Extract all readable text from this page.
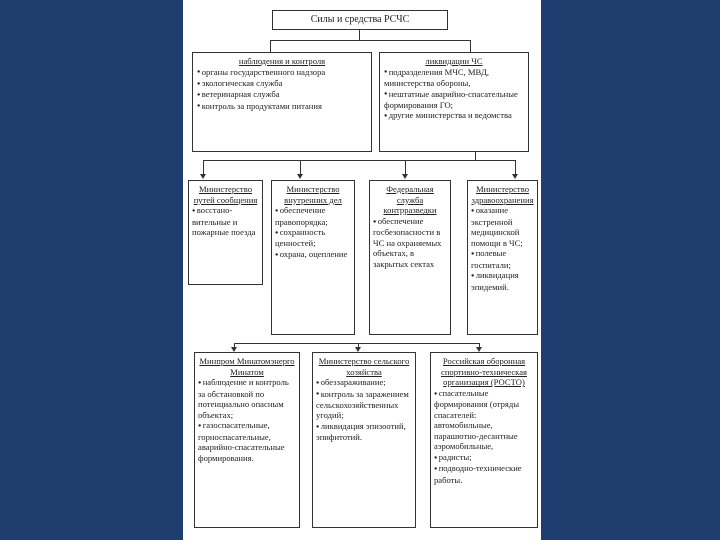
Силы и средства РСЧС
наблюдения и контроля
● органы государственного надзора
● экологическая служба
● ветеринарная служба
● контроль за продуктами питания
ликвидации ЧС
● подразделения МЧС, МВД, министерства обороны,
● нештатные аварийно-спасательные формирования ГО;
● другие министерства и ведомства
Министерство путей сообщения
● восстано-вительные и пожарные поезда
Министерство внутренних дел
● обеспечение правопорядка;
● сохранность ценностей;
● охрана, оцепление
Федеральная служба контрразведки
● обеспечение госбезопасности в ЧС на охраняемых объектах, в закрытых сектах
Министерство здравоохранения
● оказание экстренной медицинской помощи в ЧС;
● полевые госпитали;
● ликвидация эпидемий.
Минпром Минатомэнерго Минатом
● наблюдение и контроль за обстановкой по потенциально опасным объектах;
● газоспасательные, горноспасательные, аварийно-спасательные формирования.
Министерство сельского хозяйства
● обеззараживание;
● контроль за заражением сельскохозяйственных угодий;
● ликвидация эпизоотий, эпифитотий.
Российская оборонная спортивно-техническая организация (РОСТО)
● спасательные формирования (отряды спасателей: автомобильные, парашютно-десантные аэромобильные,
● радисты;
● подводно-технические работы.
